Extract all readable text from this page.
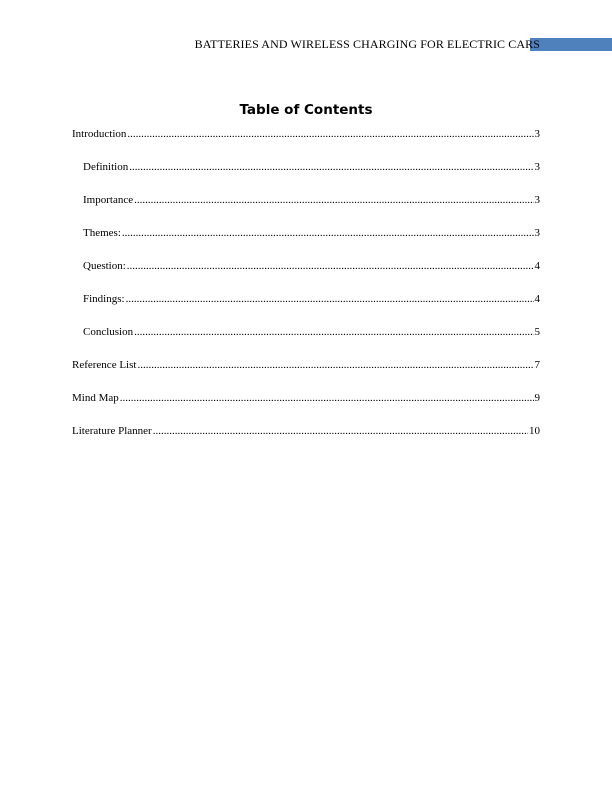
BATTERIES AND WIRELESS CHARGING FOR ELECTRIC CARS
Table of Contents
Introduction .....	3
Definition .....	3
Importance .....	3
Themes: .....	3
Question: .....	4
Findings: .....	4
Conclusion .....	5
Reference List .....	7
Mind Map .....	9
Literature Planner .....	10
